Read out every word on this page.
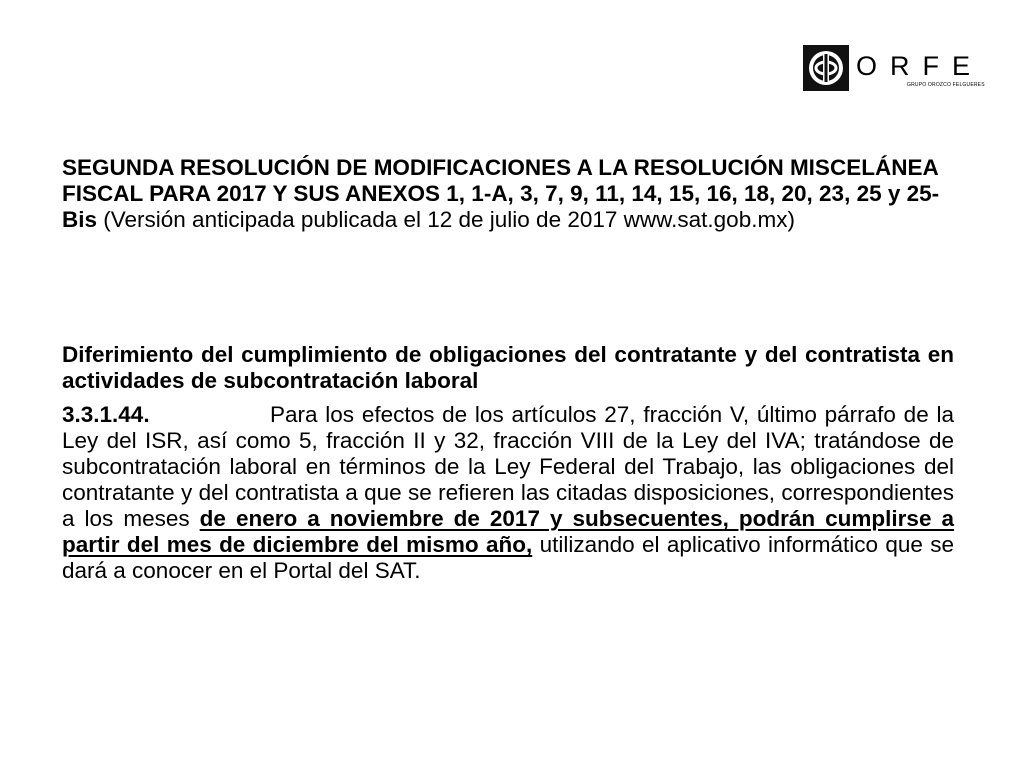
ORFE
GRUPO OROZCO FELGUERES
SEGUNDA RESOLUCIÓN DE MODIFICACIONES A LA RESOLUCIÓN MISCELÁNEA FISCAL PARA 2017 Y SUS ANEXOS 1, 1-A, 3, 7, 9, 11, 14, 15, 16, 18, 20, 23, 25 y 25-Bis (Versión anticipada publicada el 12 de julio de 2017 www.sat.gob.mx)
Diferimiento del cumplimiento de obligaciones del contratante y del contratista en actividades de subcontratación laboral
3.3.1.44.	Para los efectos de los artículos 27, fracción V, último párrafo de la Ley del ISR, así como 5, fracción II y 32, fracción VIII de la Ley del IVA; tratándose de subcontratación laboral en términos de la Ley Federal del Trabajo, las obligaciones del contratante y del contratista a que se refieren las citadas disposiciones, correspondientes a los meses de enero a noviembre de 2017 y subsecuentes, podrán cumplirse a partir del mes de diciembre del mismo año, utilizando el aplicativo informático que se dará a conocer en el Portal del SAT.
